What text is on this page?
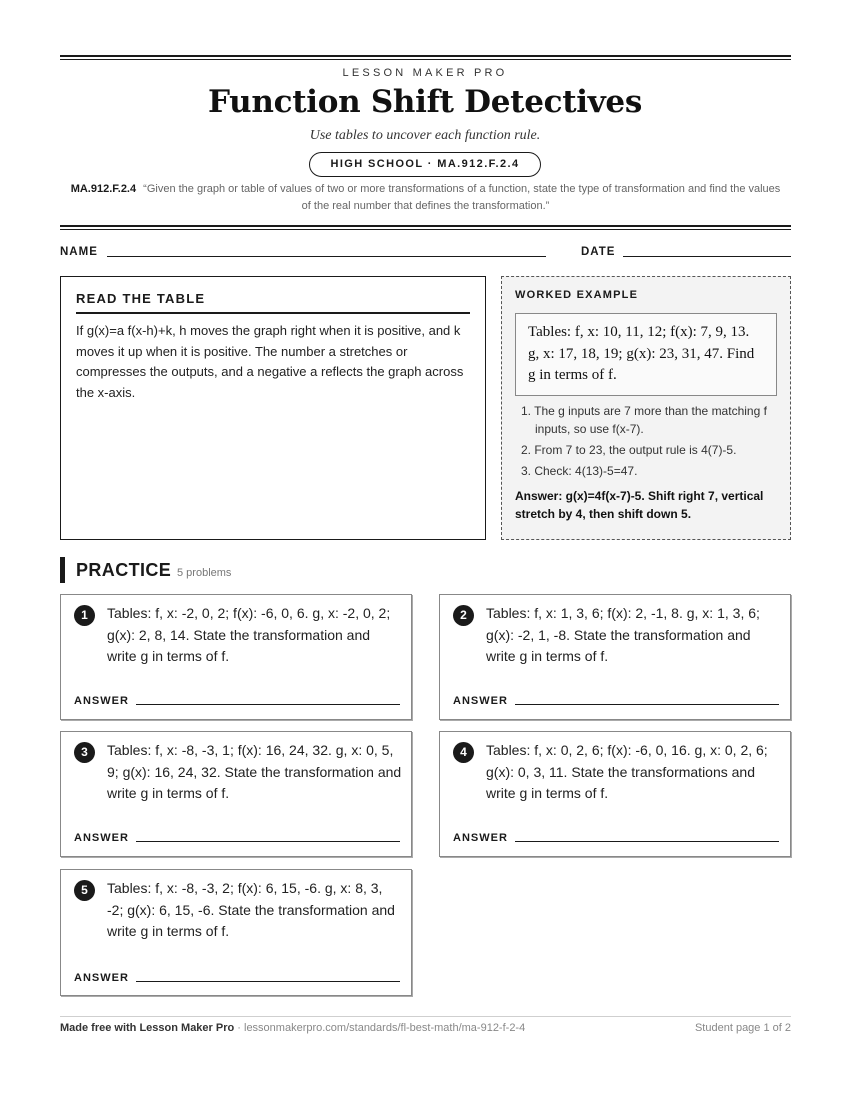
LESSON MAKER PRO
Function Shift Detectives
Use tables to uncover each function rule.
HIGH SCHOOL · MA.912.F.2.4
MA.912.F.2.4 “Given the graph or table of values of two or more transformations of a function, state the type of transformation and find the values of the real number that defines the transformation.”
NAME	DATE
READ THE TABLE

If g(x)=a f(x-h)+k, h moves the graph right when it is positive, and k moves it up when it is positive. The number a stretches or compresses the outputs, and a negative a reflects the graph across the x-axis.

WORKED EXAMPLE
Tables: f, x: 10, 11, 12; f(x): 7, 9, 13. g, x: 17, 18, 19; g(x): 23, 31, 47. Find g in terms of f.
1. The g inputs are 7 more than the matching f inputs, so use f(x-7).
2. From 7 to 23, the output rule is 4(7)-5.
3. Check: 4(13)-5=47.
Answer: g(x)=4f(x-7)-5. Shift right 7, vertical stretch by 4, then shift down 5.
PRACTICE 5 problems
1	Tables: f, x: -2, 0, 2; f(x): -6, 0, 6. g, x: -2, 0, 2; g(x): 2, 8, 14. State the transformation and write g in terms of f.
ANSWER
2	Tables: f, x: 1, 3, 6; f(x): 2, -1, 8. g, x: 1, 3, 6; g(x): -2, 1, -8. State the transformation and write g in terms of f.
ANSWER
3	Tables: f, x: -8, -3, 1; f(x): 16, 24, 32. g, x: 0, 5, 9; g(x): 16, 24, 32. State the transformation and write g in terms of f.
ANSWER
4	Tables: f, x: 0, 2, 6; f(x): -6, 0, 16. g, x: 0, 2, 6; g(x): 0, 3, 11. State the transformations and write g in terms of f.
ANSWER
5	Tables: f, x: -8, -3, 2; f(x): 6, 15, -6. g, x: 8, 3, -2; g(x): 6, 15, -6. State the transformation and write g in terms of f.
ANSWER
Made free with Lesson Maker Pro · lessonmakerpro.com/standards/fl-best-math/ma-912-f-2-4	Student page 1 of 2
